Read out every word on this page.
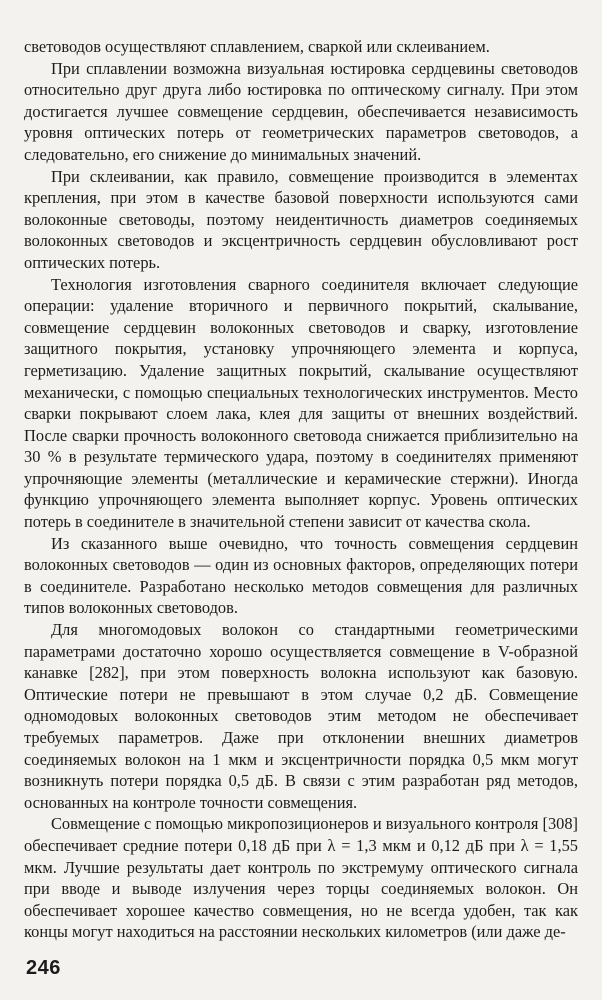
световодов осуществляют сплавлением, сваркой или склеиванием.

При сплавлении возможна визуальная юстировка сердцевины световодов относительно друг друга либо юстировка по оптическому сигналу. При этом достигается лучшее совмещение сердцевин, обеспечивается независимость уровня оптических потерь от геометрических параметров световодов, а следовательно, его снижение до минимальных значений.

При склеивании, как правило, совмещение производится в элементах крепления, при этом в качестве базовой поверхности используются сами волоконные световоды, поэтому неидентичность диаметров соединяемых волоконных световодов и эксцентричность сердцевин обусловливают рост оптических потерь.

Технология изготовления сварного соединителя включает следующие операции: удаление вторичного и первичного покрытий, скалывание, совмещение сердцевин волоконных световодов и сварку, изготовление защитного покрытия, установку упрочняющего элемента и корпуса, герметизацию. Удаление защитных покрытий, скалывание осуществляют механически, с помощью специальных технологических инструментов. Место сварки покрывают слоем лака, клея для защиты от внешних воздействий. После сварки прочность волоконного световода снижается приблизительно на 30 % в результате термического удара, поэтому в соединителях применяют упрочняющие элементы (металлические и керамические стержни). Иногда функцию упрочняющего элемента выполняет корпус. Уровень оптических потерь в соединителе в значительной степени зависит от качества скола.

Из сказанного выше очевидно, что точность совмещения сердцевин волоконных световодов — один из основных факторов, определяющих потери в соединителе. Разработано несколько методов совмещения для различных типов волоконных световодов.

Для многомодовых волокон со стандартными геометрическими параметрами достаточно хорошо осуществляется совмещение в V-образной канавке [282], при этом поверхность волокна используют как базовую. Оптические потери не превышают в этом случае 0,2 дБ. Совмещение одномодовых волоконных световодов этим методом не обеспечивает требуемых параметров. Даже при отклонении внешних диаметров соединяемых волокон на 1 мкм и эксцентричности порядка 0,5 мкм могут возникнуть потери порядка 0,5 дБ. В связи с этим разработан ряд методов, основанных на контроле точности совмещения.

Совмещение с помощью микропозиционеров и визуального контроля [308] обеспечивает средние потери 0,18 дБ при λ = 1,3 мкм и 0,12 дБ при λ = 1,55 мкм. Лучшие результаты дает контроль по экстремуму оптического сигнала при вводе и выводе излучения через торцы соединяемых волокон. Он обеспечивает хорошее качество совмещения, но не всегда удобен, так как концы могут находиться на расстоянии нескольких километров (или даже де-

246
